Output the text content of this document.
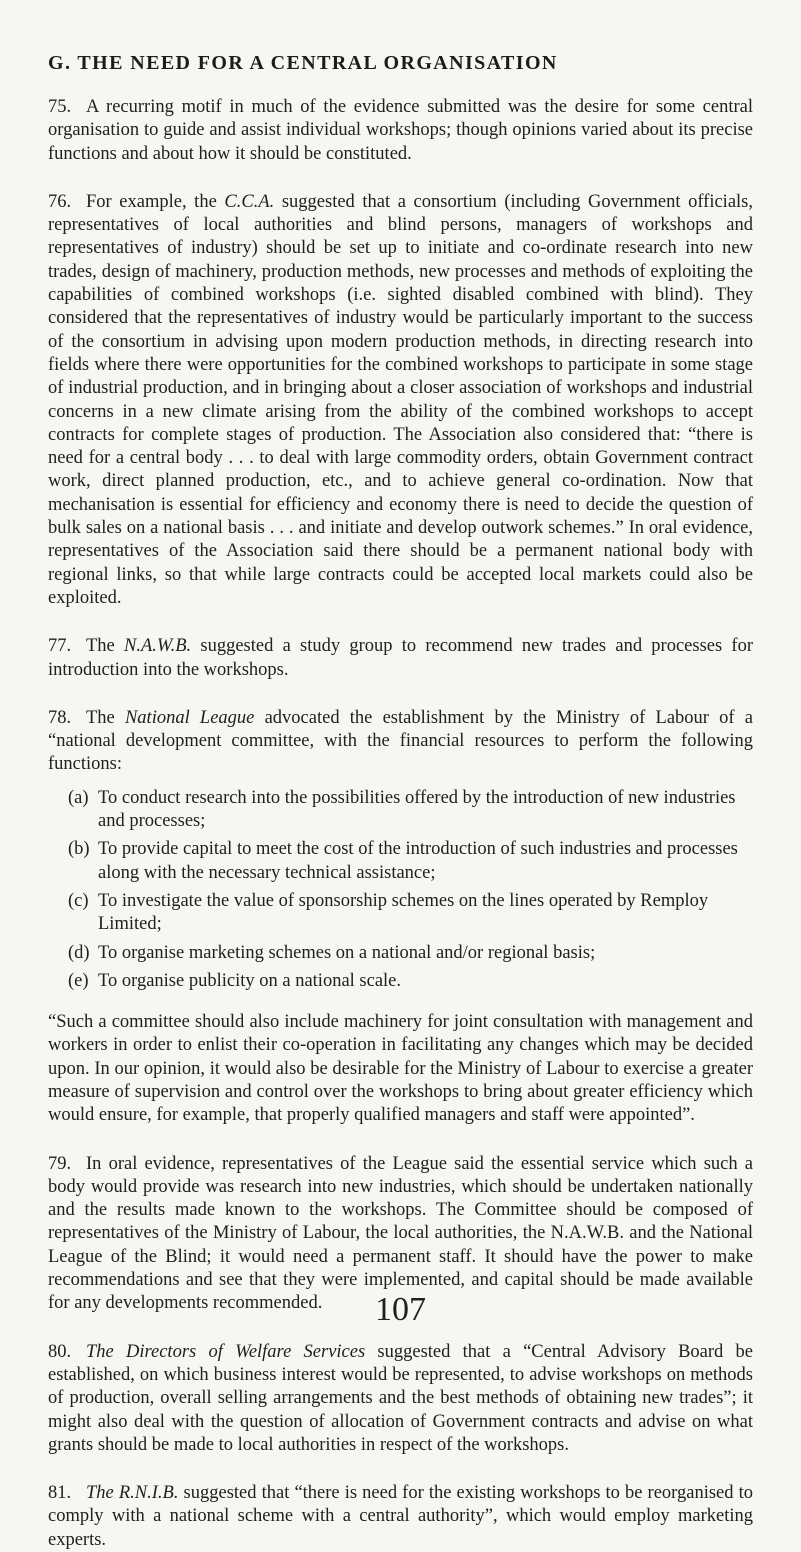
G. THE NEED FOR A CENTRAL ORGANISATION

75. A recurring motif in much of the evidence submitted was the desire for some central organisation to guide and assist individual workshops; though opinions varied about its precise functions and about how it should be constituted.

76. For example, the C.C.A. suggested that a consortium (including Government officials, representatives of local authorities and blind persons, managers of workshops and representatives of industry) should be set up to initiate and co-ordinate research into new trades, design of machinery, production methods, new processes and methods of exploiting the capabilities of combined workshops (i.e. sighted disabled combined with blind). They considered that the representatives of industry would be particularly important to the success of the consortium in advising upon modern production methods, in directing research into fields where there were opportunities for the combined workshops to participate in some stage of industrial production, and in bringing about a closer association of workshops and industrial concerns in a new climate arising from the ability of the combined workshops to accept contracts for complete stages of production. The Association also considered that: “there is need for a central body . . . to deal with large commodity orders, obtain Government contract work, direct planned production, etc., and to achieve general co-ordination. Now that mechanisation is essential for efficiency and economy there is need to decide the question of bulk sales on a national basis . . . and initiate and develop outwork schemes.” In oral evidence, representatives of the Association said there should be a permanent national body with regional links, so that while large contracts could be accepted local markets could also be exploited.

77. The N.A.W.B. suggested a study group to recommend new trades and processes for introduction into the workshops.

78. The National League advocated the establishment by the Ministry of Labour of a “national development committee, with the financial resources to perform the following functions:

(a) To conduct research into the possibilities offered by the introduction of new industries and processes;
(b) To provide capital to meet the cost of the introduction of such industries and processes along with the necessary technical assistance;
(c) To investigate the value of sponsorship schemes on the lines operated by Remploy Limited;
(d) To organise marketing schemes on a national and/or regional basis;
(e) To organise publicity on a national scale.

“Such a committee should also include machinery for joint consultation with management and workers in order to enlist their co-operation in facilitating any changes which may be decided upon. In our opinion, it would also be desirable for the Ministry of Labour to exercise a greater measure of supervision and control over the workshops to bring about greater efficiency which would ensure, for example, that properly qualified managers and staff were appointed”.

79. In oral evidence, representatives of the League said the essential service which such a body would provide was research into new industries, which should be undertaken nationally and the results made known to the workshops. The Committee should be composed of representatives of the Ministry of Labour, the local authorities, the N.A.W.B. and the National League of the Blind; it would need a permanent staff. It should have the power to make recommendations and see that they were implemented, and capital should be made available for any developments recommended.

80. The Directors of Welfare Services suggested that a “Central Advisory Board be established, on which business interest would be represented, to advise workshops on methods of production, overall selling arrangements and the best methods of obtaining new trades”; it might also deal with the question of allocation of Government contracts and advise on what grants should be made to local authorities in respect of the workshops.

81. The R.N.I.B. suggested that “there is need for the existing workshops to be reorganised to comply with a national scheme with a central authority”, which would employ marketing experts.

107
